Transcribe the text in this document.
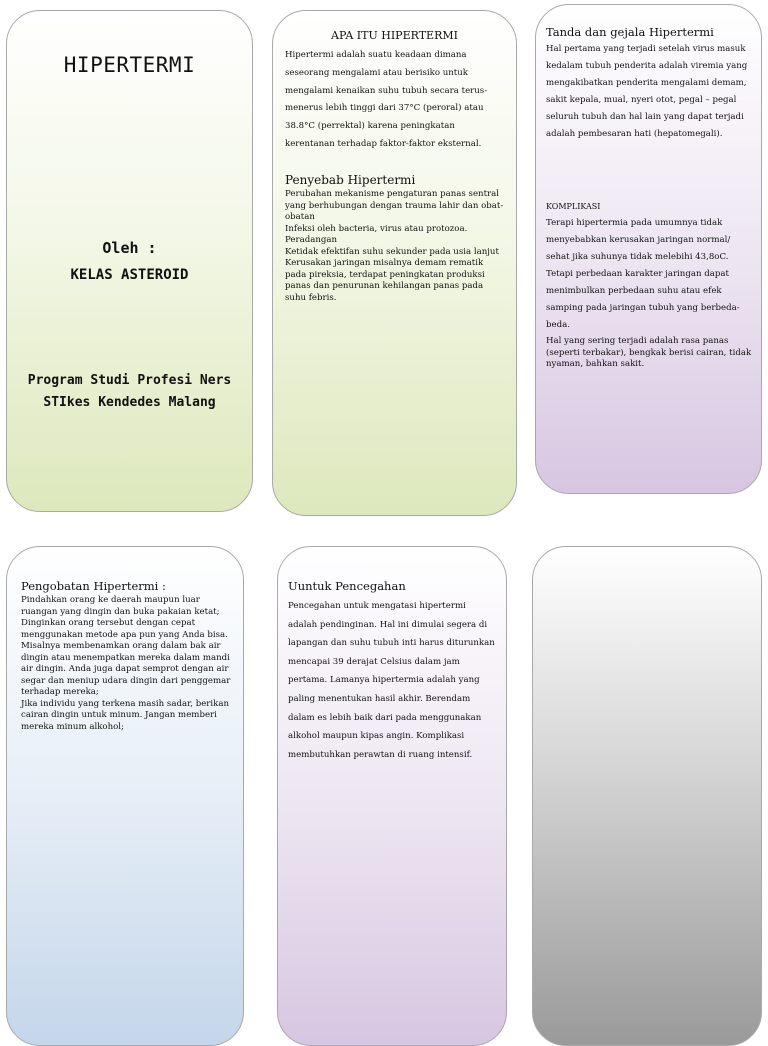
HIPERTERMI

Oleh :

KELAS ASTEROID

Program Studi Profesi Ners

STIkes Kendedes Malang

APA ITU HIPERTERMI

Hipertermi adalah suatu keadaan dimana seseorang mengalami atau berisiko untuk mengalami kenaikan suhu tubuh secara terus-menerus lebih tinggi dari 37°C (peroral) atau 38.8°C (perrektal) karena peningkatan kerentanan terhadap faktor-faktor eksternal.

Penyebab Hipertermi

Perubahan mekanisme pengaturan panas sentral yang berhubungan dengan trauma lahir dan obat-obatan

Infeksi oleh bacteria, virus atau protozoa.

Peradangan

Ketidak efektifan suhu sekunder pada usia lanjut

Kerusakan jaringan misalnya demam rematik pada pireksia, terdapat peningkatan produksi panas dan penurunan kehilangan panas pada suhu febris.

Tanda dan gejala Hipertermi

Hal pertama yang terjadi setelah virus masuk kedalam tubuh penderita adalah viremia yang mengakibatkan penderita mengalami demam, sakit kepala, mual, nyeri otot, pegal – pegal seluruh tubuh dan hal lain yang dapat terjadi adalah pembesaran hati (hepatomegali).

KOMPLIKASI

Terapi hipertermia pada umumnya tidak menyebabkan kerusakan jaringan normal/ sehat jika suhunya tidak melebihi 43,8oC. Tetapi perbedaan karakter jaringan dapat menimbulkan perbedaan suhu atau efek samping pada jaringan tubuh yang berbeda-beda.

Hal yang sering terjadi adalah rasa panas (seperti terbakar), bengkak berisi cairan, tidak nyaman, bahkan sakit.

Pengobatan Hipertermi :

Pindahkan orang ke daerah maupun luar ruangan yang dingin dan buka pakaian ketat;

Dinginkan orang tersebut dengan cepat menggunakan metode apa pun yang Anda bisa. Misalnya membenamkan orang dalam bak air dingin atau menempatkan mereka dalam mandi air dingin. Anda juga dapat semprot dengan air segar dan meniup udara dingin dari penggemar terhadap mereka;

Jika individu yang terkena masih sadar, berikan cairan dingin untuk minum. Jangan memberi mereka minum alkohol;

Uuntuk Pencegahan

Pencegahan untuk mengatasi hipertermi adalah pendinginan. Hal ini dimulai segera di lapangan dan suhu tubuh inti harus diturunkan mencapai 39 derajat Celsius dalam jam pertama. Lamanya hipertermia adalah yang paling menentukan hasil akhir. Berendam dalam es lebih baik dari pada menggunakan alkohol maupun kipas angin. Komplikasi membutuhkan perawtan di ruang intensif.
